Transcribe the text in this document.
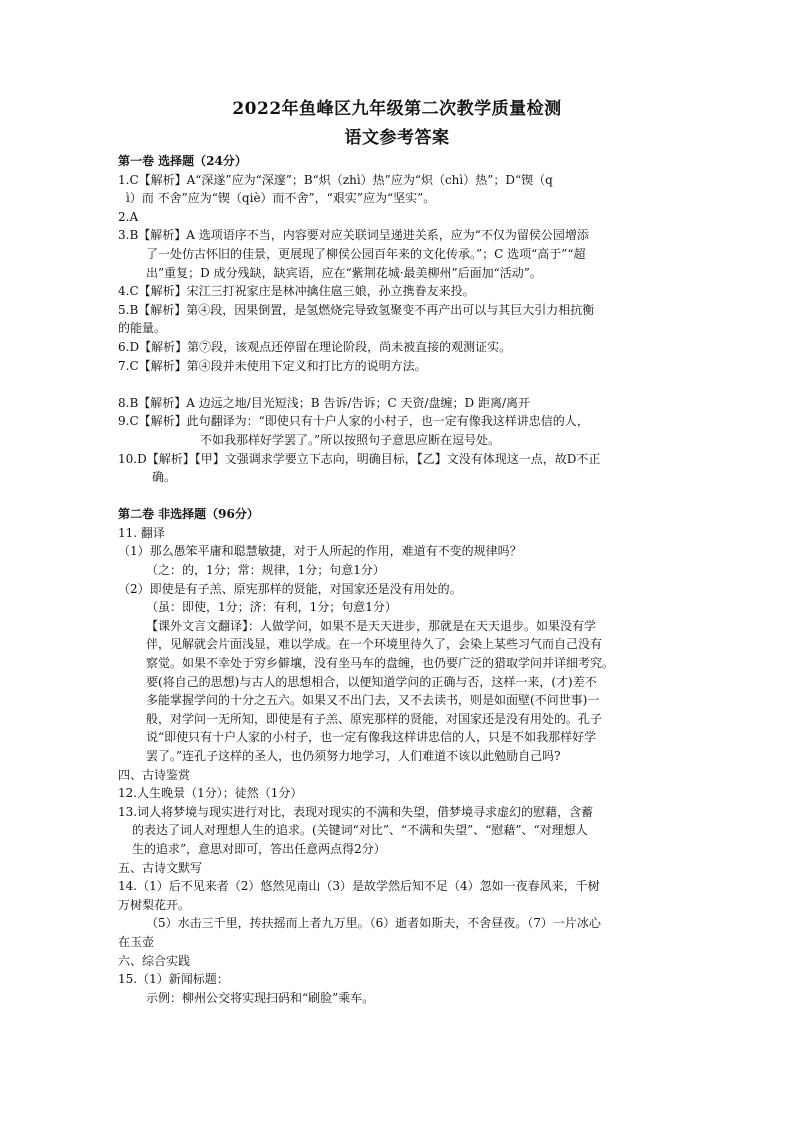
2022年鱼峰区九年级第二次教学质量检测
语文参考答案
第一卷 选择题（24分）
1.C【解析】A“深遂”应为“深邃”；B“炽（zhì）热”应为“炽（chì）热”；D“锲（q
ì）而 不舍”应为“锲（qiè）而不舍”，“艰实”应为“坚实”。
2.A
3.B【解析】A 选项语序不当，内容要对应关联词呈递进关系，应为“不仅为留侯公园增添
了一处仿古怀旧的佳景，更展现了柳侯公园百年来的文化传承。”；C 选项“高于”“超
出”重复；D 成分残缺，缺宾语，应在“紫荆花城·最美柳州”后面加“活动”。
4.C【解析】宋江三打祝家庄是林冲擒住扈三娘，孙立携眷友来投。
5.B【解析】第④段，因果倒置，是氢燃烧完导致氢聚变不再产出可以与其巨大引力相抗衡
的能量。
6.D【解析】第⑦段，该观点还停留在理论阶段，尚未被直接的观测证实。
7.C【解析】第④段并未使用下定义和打比方的说明方法。
8.B【解析】A 边远之地/目光短浅；B 告诉/告诉；C 天资/盘缠；D 距离/离开
9.C【解析】此句翻译为：“即使只有十户人家的小村子，也一定有像我这样讲忠信的人，
不如我那样好学罢了。”所以按照句子意思应断在逗号处。
10.D【解析】【甲】文强调求学要立下志向，明确目标，【乙】文没有体现这一点，故D不正
确。
第二卷 非选择题（96分）
11. 翻译
（1）那么愚笨平庸和聪慧敏捷，对于人所起的作用，难道有不变的规律吗？
（之：的，1分；常：规律，1分；句意1分）
（2）即使是有子羔、原宪那样的贤能，对国家还是没有用处的。
（虽：即使，1分；济：有利，1分；句意1分）
【课外文言文翻译】：人做学问，如果不是天天进步，那就是在天天退步。如果没有学
伴，见解就会片面浅显，难以学成。在一个环境里待久了，会染上某些习气而自己没有
察觉。如果不幸处于穷乡僻壤，没有坐马车的盘缠，也仍要广泛的猎取学问并详细考究。
要(将自己的思想)与古人的思想相合，以便知道学问的正确与否，这样一来，(才)差不
多能掌握学问的十分之五六。如果又不出门去，又不去读书，则是如面壁(不问世事)一
般，对学问一无所知，即使是有子羔、原宪那样的贤能，对国家还是没有用处的。孔子
说“即使只有十户人家的小村子，也一定有像我这样讲忠信的人，只是不如我那样好学
罢了。”连孔子这样的圣人，也仍须努力地学习，人们难道不该以此勉励自己吗?
四、古诗鉴赏
12.人生晚景（1分）；徒然（1分）
13.词人将梦境与现实进行对比，表现对现实的不满和失望，借梦境寻求虚幻的慰藉，含蓄
的表达了词人对理想人生的追求。(关键词“对比”、“不满和失望”、“慰藉”、“对理想人
生的追求”，意思对即可，答出任意两点得2分）
五、古诗文默写
14.（1）后不见来者（2）悠然见南山（3）是故学然后知不足（4）忽如一夜春风来，千树
万树梨花开。
（5）水击三千里，抟扶摇而上者九万里。（6）逝者如斯夫，不舍昼夜。（7）一片冰心
在玉壶
六、综合实践
15.（1）新闻标题：
示例：柳州公交将实现扫码和“刷脸”乘车。
